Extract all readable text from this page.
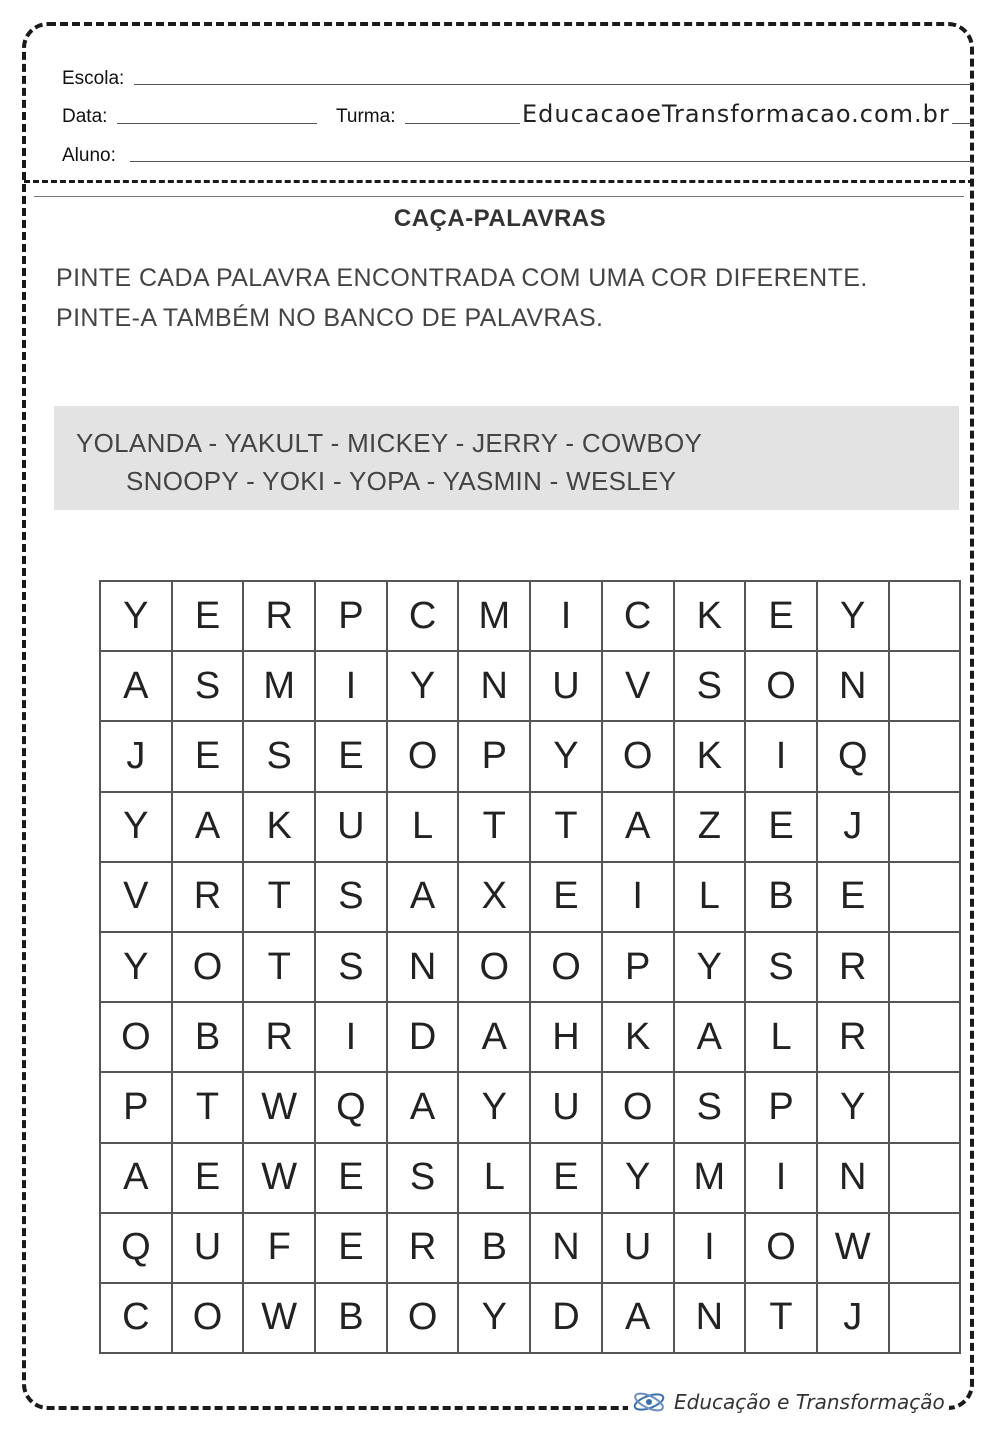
Escola:
Data:	Turma:	EducacaoeTransformacao.com.br
Aluno:
CAÇA-PALAVRAS
PINTE CADA PALAVRA ENCONTRADA COM UMA COR DIFERENTE. PINTE-A TAMBÉM NO BANCO DE PALAVRAS.
YOLANDA - YAKULT - MICKEY - JERRY - COWBOY
SNOOPY - YOKI - YOPA - YASMIN - WESLEY
Y	E	R	P	C	M	I	C	K	E	Y	
A	S	M	I	Y	N	U	V	S	O	N	
J	E	S	E	O	P	Y	O	K	I	Q	
Y	A	K	U	L	T	T	A	Z	E	J	
V	R	T	S	A	X	E	I	L	B	E	
Y	O	T	S	N	O	O	P	Y	S	R	
O	B	R	I	D	A	H	K	A	L	R	
P	T	W	Q	A	Y	U	O	S	P	Y	
A	E	W	E	S	L	E	Y	M	I	N	
Q	U	F	E	R	B	N	U	I	O	W	
C	O	W	B	O	Y	D	A	N	T	J	
Educação e Transformação
